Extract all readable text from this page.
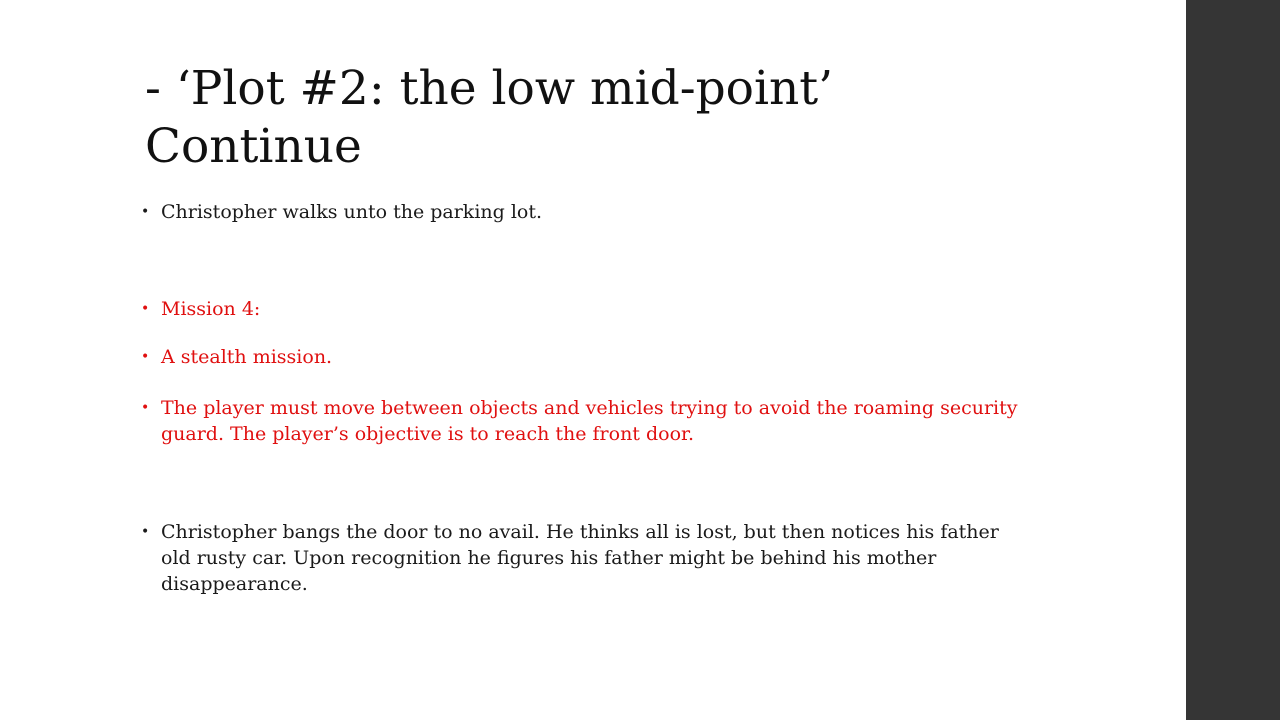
- ‘Plot #2: the low mid-point’
Continue
• Christopher walks unto the parking lot.
• Mission 4:
• A stealth mission.
• The player must move between objects and vehicles trying to avoid the roaming security guard. The player’s objective is to reach the front door.
• Christopher bangs the door to no avail. He thinks all is lost, but then notices his father old rusty car. Upon recognition he figures his father might be behind his mother disappearance.
